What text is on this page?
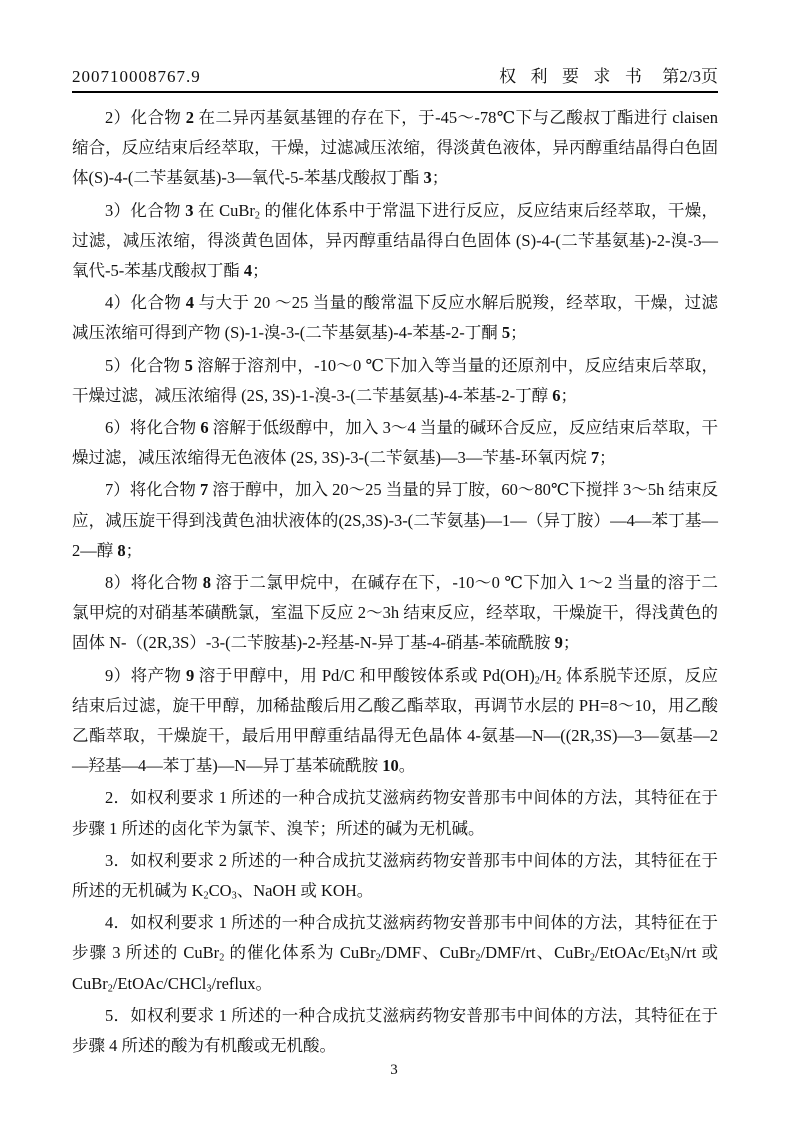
200710008767.9	权利要求书 第2/3页

2）化合物 2 在二异丙基氨基锂的存在下，于-45～-78℃下与乙酸叔丁酯进行 claisen 缩合，反应结束后经萃取，干燥，过滤减压浓缩，得淡黄色液体，异丙醇重结晶得白色固体(S)-4-(二苄基氨基)-3—氧代-5-苯基戊酸叔丁酯 3；

3）化合物 3 在 CuBr$_2$ 的催化体系中于常温下进行反应，反应结束后经萃取，干燥，过滤，减压浓缩，得淡黄色固体，异丙醇重结晶得白色固体 (S)-4-(二苄基氨基)-2-溴-3—氧代-5-苯基戊酸叔丁酯 4；

4）化合物 4 与大于 20 ～25 当量的酸常温下反应水解后脱羧，经萃取，干燥，过滤减压浓缩可得到产物 (S)-1-溴-3-(二苄基氨基)-4-苯基-2-丁酮 5；

5）化合物 5 溶解于溶剂中，-10～0 ℃下加入等当量的还原剂中，反应结束后萃取，干燥过滤，减压浓缩得 (2S, 3S)-1-溴-3-(二苄基氨基)-4-苯基-2-丁醇 6；

6）将化合物 6 溶解于低级醇中，加入 3～4 当量的碱环合反应，反应结束后萃取，干燥过滤，减压浓缩得无色液体 (2S, 3S)-3-(二苄氨基)—3—苄基-环氧丙烷 7；

7）将化合物 7 溶于醇中，加入 20～25 当量的异丁胺，60～80℃下搅拌 3～5h 结束反应，减压旋干得到浅黄色油状液体的(2S,3S)-3-(二苄氨基)—1—（异丁胺）—4—苯丁基—2—醇 8；

8）将化合物 8 溶于二氯甲烷中，在碱存在下，-10～0 ℃下加入 1～2 当量的溶于二氯甲烷的对硝基苯磺酰氯，室温下反应 2～3h 结束反应，经萃取，干燥旋干，得浅黄色的固体 N-（(2R,3S）-3-(二苄胺基)-2-羟基-N-异丁基-4-硝基-苯硫酰胺 9；

9）将产物 9 溶于甲醇中，用 Pd/C 和甲酸铵体系或 $Pd(OH)_2/H_2$ 体系脱苄还原，反应结束后过滤，旋干甲醇，加稀盐酸后用乙酸乙酯萃取，再调节水层的 PH=8～10，用乙酸乙酯萃取，干燥旋干，最后用甲醇重结晶得无色晶体 4-氨基—N—((2R,3S)—3—氨基—2—羟基—4—苯丁基)—N—异丁基苯硫酰胺 10。

2．如权利要求 1 所述的一种合成抗艾滋病药物安普那韦中间体的方法，其特征在于步骤 1 所述的卤化苄为氯苄、溴苄；所述的碱为无机碱。

3．如权利要求 2 所述的一种合成抗艾滋病药物安普那韦中间体的方法，其特征在于所述的无机碱为 $K_2CO_3$、NaOH 或 KOH。

4．如权利要求 1 所述的一种合成抗艾滋病药物安普那韦中间体的方法，其特征在于步骤 3 所述的 CuBr$_2$ 的催化体系为 CuBr$_2$/DMF、CuBr$_2$/DMF/rt、$CuBr_2/EtOAc/Et_3N/rt$ 或 CuBr$_2$/EtOAc/CHCl$_3$/reflux。

5．如权利要求 1 所述的一种合成抗艾滋病药物安普那韦中间体的方法，其特征在于步骤 4 所述的酸为有机酸或无机酸。

3
